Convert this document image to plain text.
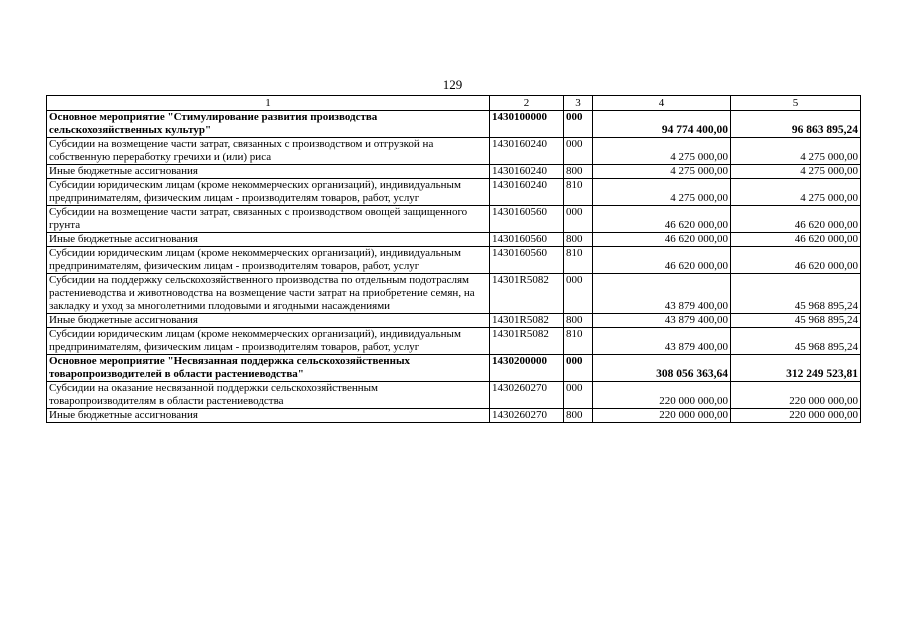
129
1	2	3	4	5
Основное мероприятие "Стимулирование развития производства сельскохозяйственных культур"	1430100000	000	94 774 400,00	96 863 895,24
Субсидии на возмещение части затрат, связанных с производством и отгрузкой на собственную переработку гречихи и (или) риса	1430160240	000	4 275 000,00	4 275 000,00
Иные бюджетные ассигнования	1430160240	800	4 275 000,00	4 275 000,00
Субсидии юридическим лицам (кроме некоммерческих организаций), индивидуальным предпринимателям, физическим лицам - производителям товаров, работ, услуг	1430160240	810	4 275 000,00	4 275 000,00
Субсидии на возмещение части затрат, связанных с производством овощей защищенного грунта	1430160560	000	46 620 000,00	46 620 000,00
Иные бюджетные ассигнования	1430160560	800	46 620 000,00	46 620 000,00
Субсидии юридическим лицам (кроме некоммерческих организаций), индивидуальным предпринимателям, физическим лицам - производителям товаров, работ, услуг	1430160560	810	46 620 000,00	46 620 000,00
Субсидии на поддержку сельскохозяйственного производства по отдельным подотраслям растениеводства и животноводства на возмещение части затрат на приобретение семян, на закладку и уход за многолетними плодовыми и ягодными насаждениями	14301R5082	000	43 879 400,00	45 968 895,24
Иные бюджетные ассигнования	14301R5082	800	43 879 400,00	45 968 895,24
Субсидии юридическим лицам (кроме некоммерческих организаций), индивидуальным предпринимателям, физическим лицам - производителям товаров, работ, услуг	14301R5082	810	43 879 400,00	45 968 895,24
Основное мероприятие "Несвязанная поддержка сельскохозяйственных товаропроизводителей в области растениеводства"	1430200000	000	308 056 363,64	312 249 523,81
Субсидии на оказание несвязанной поддержки сельскохозяйственным товаропроизводителям в области растениеводства	1430260270	000	220 000 000,00	220 000 000,00
Иные бюджетные ассигнования	1430260270	800	220 000 000,00	220 000 000,00
